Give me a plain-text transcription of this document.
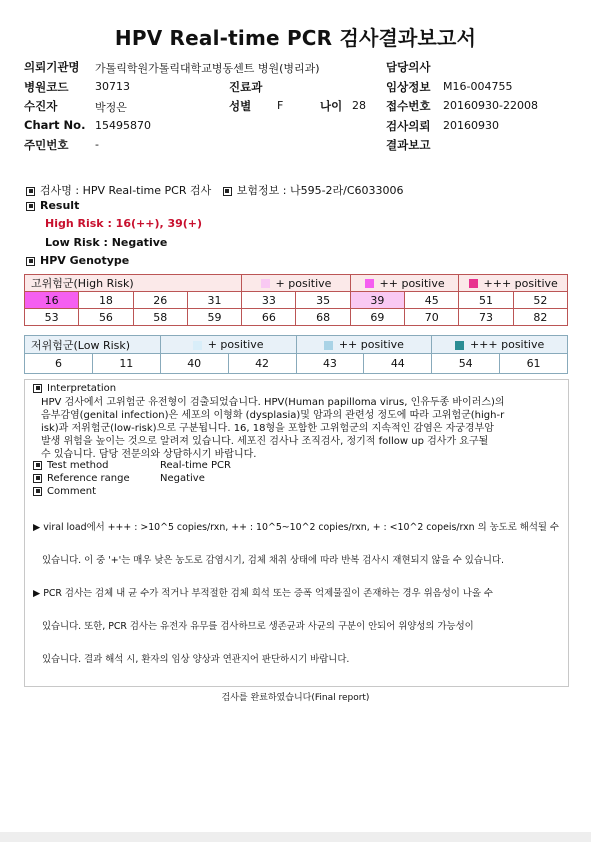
HPV Real-time PCR 검사결과보고서
의뢰기관명 가톨릭학원가톨릭대학교병동센트 병원(병리과)	담당의사
병원코드 30713	진료과	임상정보 M16-004755
수진자	박정은	성별 F	나이 28 접수번호 20160930-22008
Chart No. 15495870	검사의뢰 20160930
주민번호 -	결과보고
검사명 : HPV Real-time PCR 검사 보험정보 : 나595-2라/C6033006
Result
High Risk : 16(++), 39(+)
Low Risk : Negative
HPV Genotype
고위험군(High Risk)				+ positive		++ positive		+++ positive	
16	18	26	31	33	35	39	45	51	52
53	56	58	59	66	68	69	70	73	82
저위험군(Low Risk)		+ positive		++ positive		+++ positive	
6	11	40	42	43	44	54	61
Interpretation
HPV 검사에서 고위험군 유전형이 검출되었습니다. HPV(Human papilloma virus, 인유두종 바이러스)의
음부감염(genital infection)은 세포의 이형화 (dysplasia)및 암과의 관련성 정도에 따라 고위험군(high-r
isk)과 저위험군(low-risk)으로 구분됩니다. 16, 18형을 포함한 고위험군의 지속적인 감염은 자궁경부암
발생 위험을 높이는 것으로 알려져 있습니다. 세포진 검사나 조직검사, 정기적 follow up 검사가 요구될
수 있습니다. 담당 전문의와 상담하시기 바랍니다.
Test method	Real-time PCR
Reference range	Negative
Comment

▶ viral load에서 +++ : >10^5 copies/rxn, ++ : 10^5~10^2 copies/rxn, + : <10^2 copeis/rxn 의 농도로 해석될 수

있습니다. 이 중 '+'는 매우 낮은 농도로 감염시기, 검체 채취 상태에 따라 반복 검사시 재현되지 않을 수 있습니다.

▶ PCR 검사는 검체 내 균 수가 적거나 부적절한 검체 희석 또는 증폭 억제물질이 존재하는 경우 위음성이 나올 수

있습니다. 또한, PCR 검사는 유전자 유무를 검사하므로 생존균과 사균의 구분이 안되어 위양성의 가능성이

있습니다. 결과 해석 시, 환자의 임상 양상과 연관지어 판단하시기 바랍니다.

검사를 완료하였습니다(Final report)
